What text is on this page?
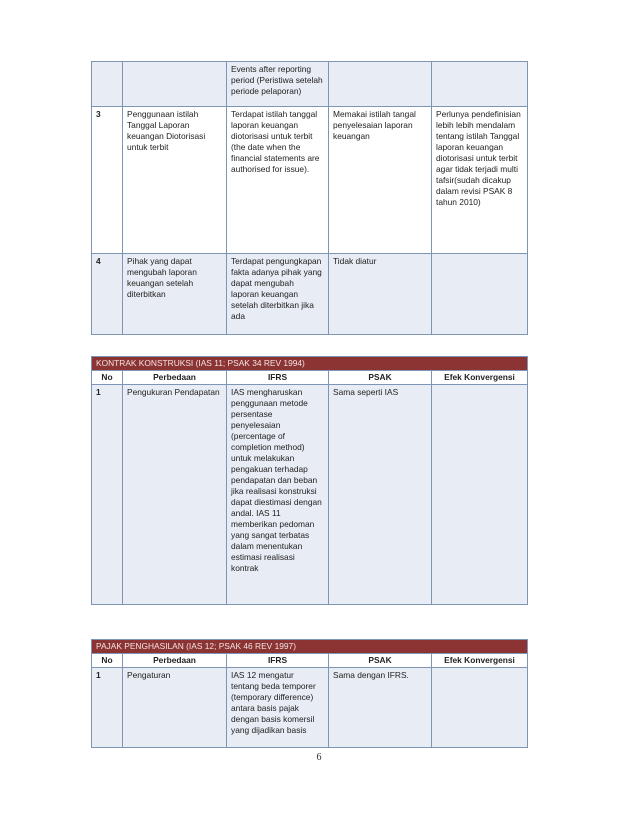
		Events after reporting period (Peristiwa setelah periode pelaporan)		
3	Penggunaan istilah Tanggal Laporan keuangan Diotorisasi untuk terbit	Terdapat istilah tanggal laporan keuangan diotorisasi untuk terbit (the date when the financial statements are authorised for issue).	Memakai istilah tangal penyelesaian laporan keuangan	Perlunya pendefinisian lebih lebih mendalam tentang istilah Tanggal laporan keuangan diotorisasi untuk terbit agar tidak terjadi multi tafsir(sudah dicakup dalam revisi PSAK 8 tahun 2010)
4	Pihak yang dapat mengubah laporan keuangan setelah diterbitkan	Terdapat pengungkapan fakta adanya pihak yang dapat mengubah laporan keuangan setelah diterbitkan jika ada	Tidak diatur	
KONTRAK KONSTRUKSI (IAS 11; PSAK 34 REV 1994)				
No	Perbedaan	IFRS	PSAK	Efek Konvergensi
1	Pengukuran Pendapatan	IAS mengharuskan penggunaan metode persentase penyelesaian (percentage of completion method) untuk melakukan pengakuan terhadap pendapatan dan beban jika realisasi konstruksi dapat diestimasi dengan andal. IAS 11 memberikan pedoman yang sangat terbatas dalam menentukan estimasi realisasi kontrak	Sama seperti IAS	
PAJAK PENGHASILAN (IAS 12; PSAK 46 REV 1997)				
No	Perbedaan	IFRS	PSAK	Efek Konvergensi
1	Pengaturan	IAS 12 mengatur tentang beda temporer (temporary difference) antara basis pajak dengan basis komersil yang dijadikan basis	Sama dengan IFRS.	
6
